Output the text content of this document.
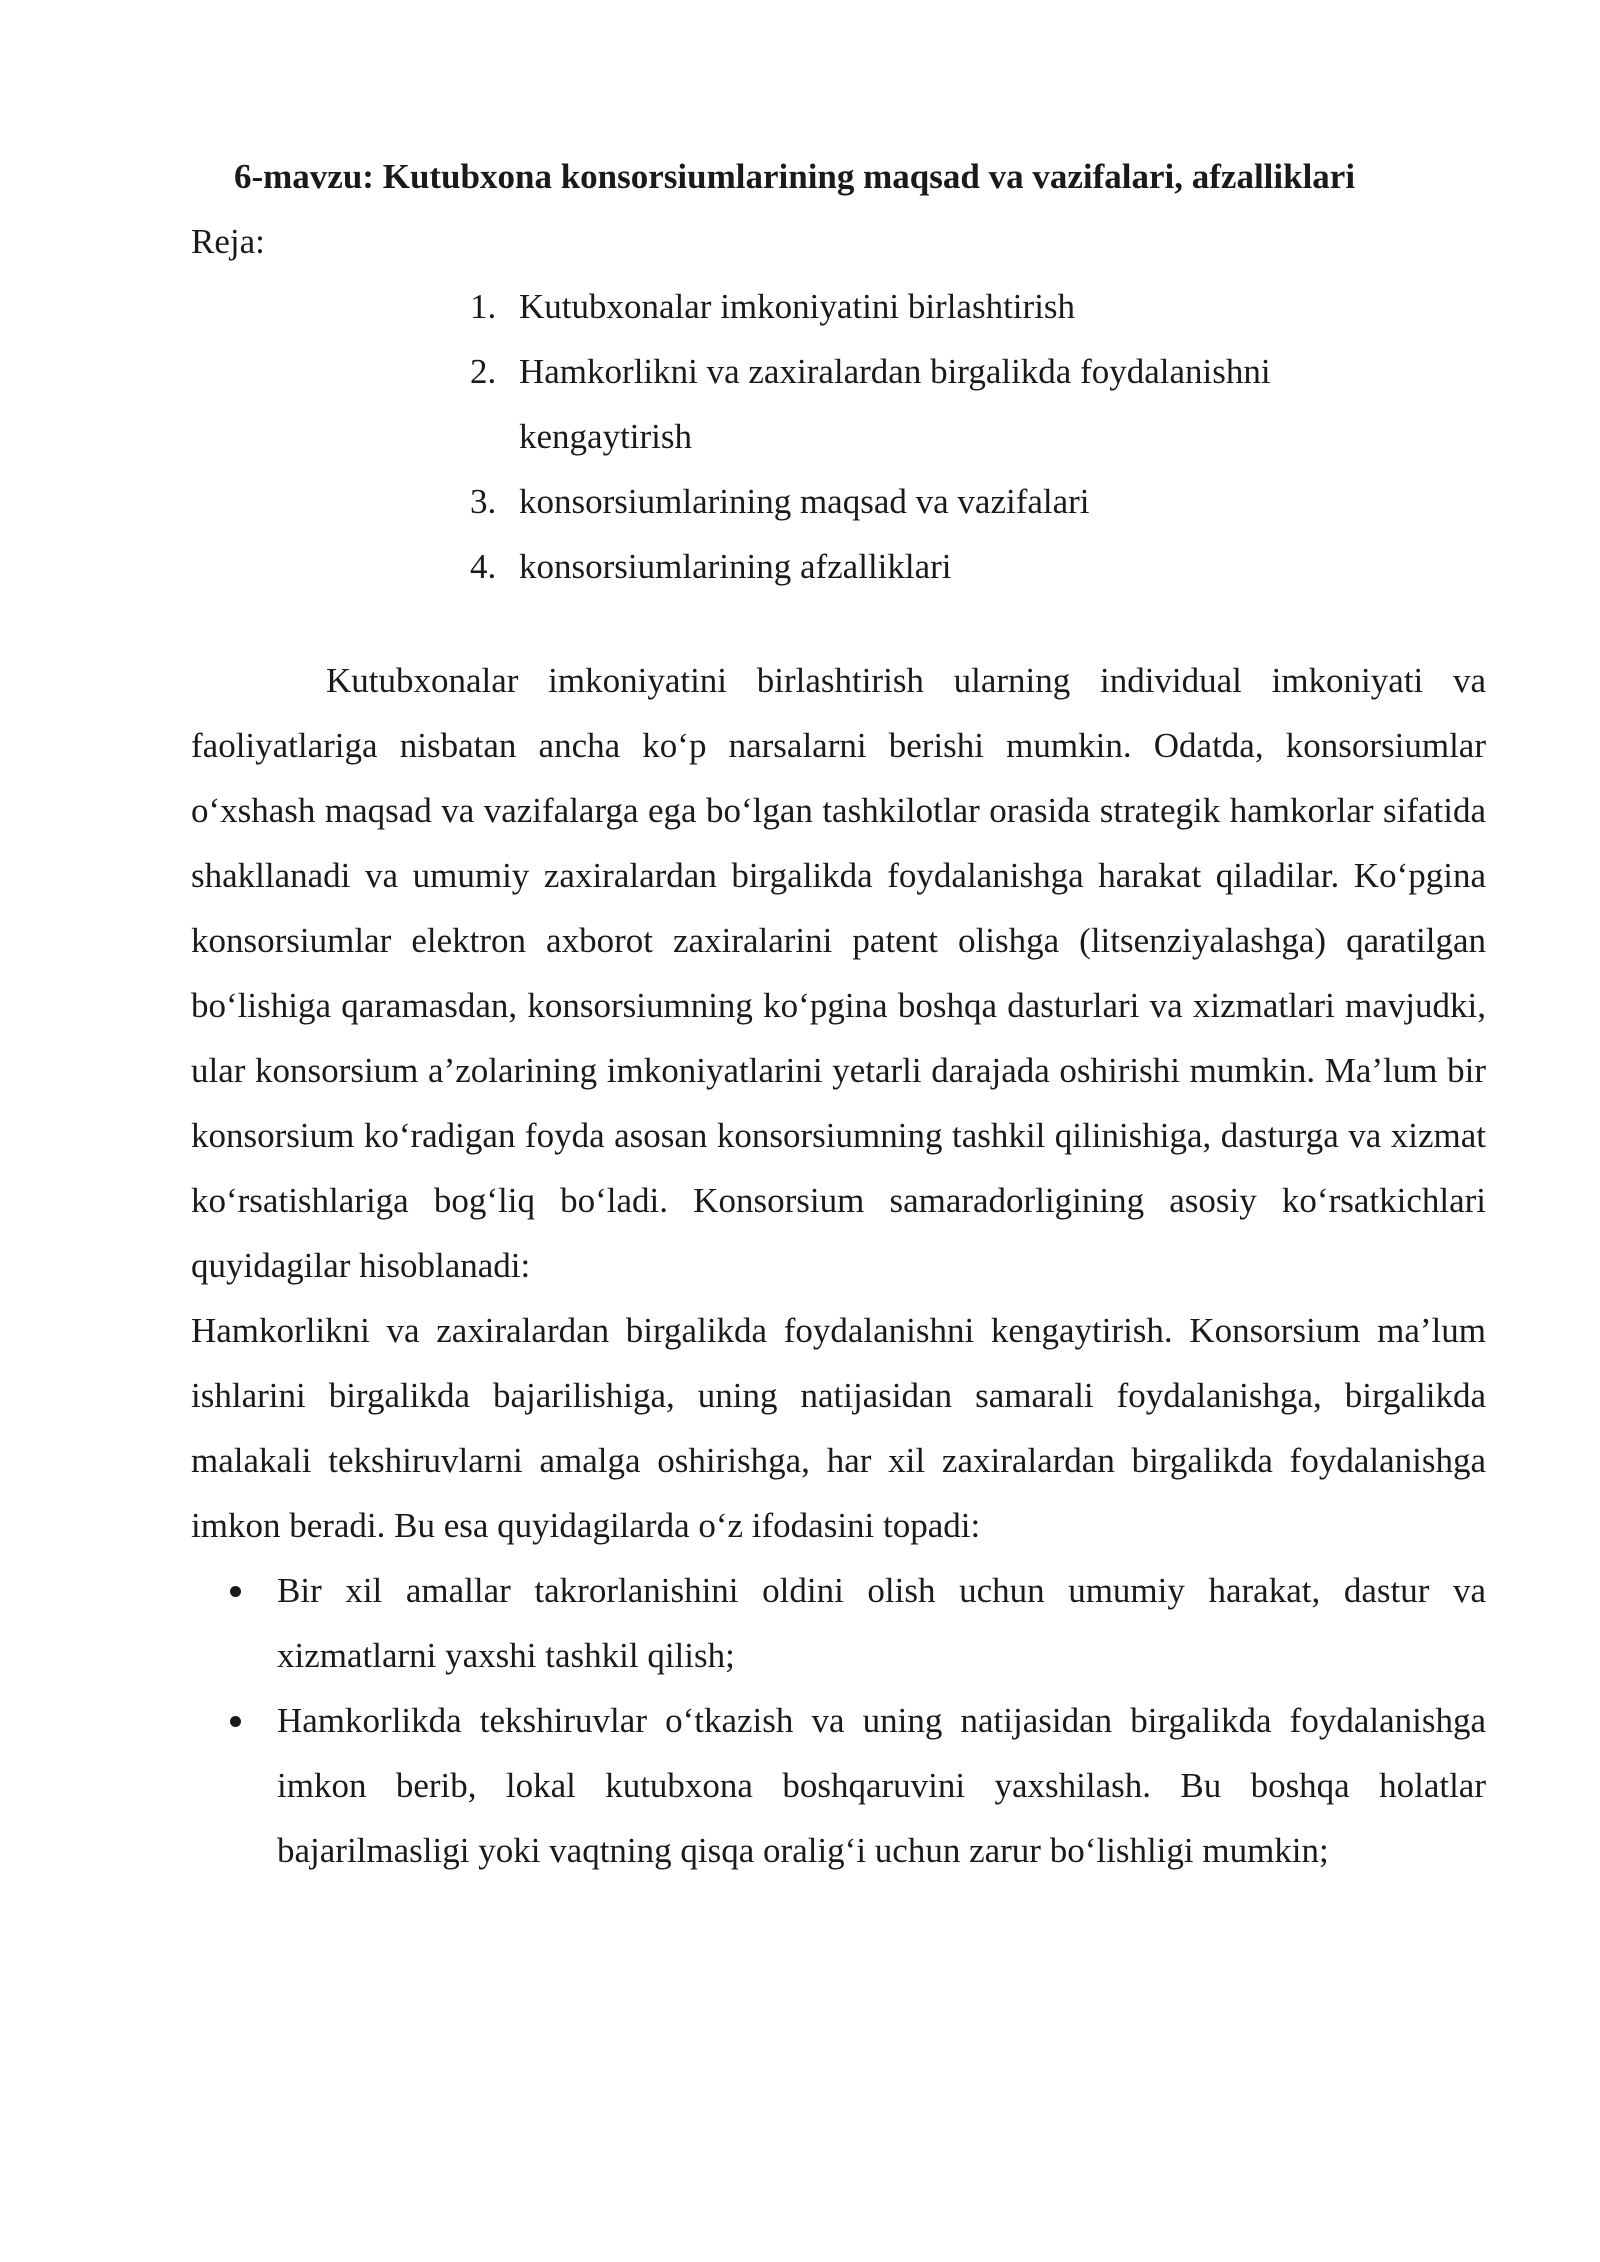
6-mavzu: Kutubxona konsorsiumlarining maqsad va vazifalari, afzalliklari

Reja:

1. Kutubxonalar imkoniyatini birlashtirish
2. Hamkorlikni va zaxiralardan birgalikda foydalanishni kengaytirish
3. konsorsiumlarining maqsad va vazifalari
4. konsorsiumlarining afzalliklari

Kutubxonalar imkoniyatini birlashtirish ularning individual imkoniyati va faoliyatlariga nisbatan ancha ko‘p narsalarni berishi mumkin. Odatda, konsorsiumlar o‘xshash maqsad va vazifalarga ega bo‘lgan tashkilotlar orasida strategik hamkorlar sifatida shakllanadi va umumiy zaxiralardan birgalikda foydalanishga harakat qiladilar. Ko‘pgina konsorsiumlar elektron axborot zaxiralarini patent olishga (litsenziyalashga) qaratilgan bo‘lishiga qaramasdan, konsorsiumning ko‘pgina boshqa dasturlari va xizmatlari mavjudki, ular konsorsium a’zolarining imkoniyatlarini yetarli darajada oshirishi mumkin. Ma’lum bir konsorsium ko‘radigan foyda asosan konsorsiumning tashkil qilinishiga, dasturga va xizmat ko‘rsatishlariga bog‘liq bo‘ladi. Konsorsium samaradorligining asosiy ko‘rsatkichlari quyidagilar hisoblanadi:

Hamkorlikni va zaxiralardan birgalikda foydalanishni kengaytirish. Konsorsium ma’lum ishlarini birgalikda bajarilishiga, uning natijasidan samarali foydalanishga, birgalikda malakali tekshiruvlarni amalga oshirishga, har xil zaxiralardan birgalikda foydalanishga imkon beradi. Bu esa quyidagilarda o‘z ifodasini topadi:

Bir xil amallar takrorlanishini oldini olish uchun umumiy harakat, dastur va xizmatlarni yaxshi tashkil qilish;
Hamkorlikda tekshiruvlar o‘tkazish va uning natijasidan birgalikda foydalanishga imkon berib, lokal kutubxona boshqaruvini yaxshilash. Bu boshqa holatlar bajarilmasligi yoki vaqtning qisqa oralig‘i uchun zarur bo‘lishligi mumkin;
